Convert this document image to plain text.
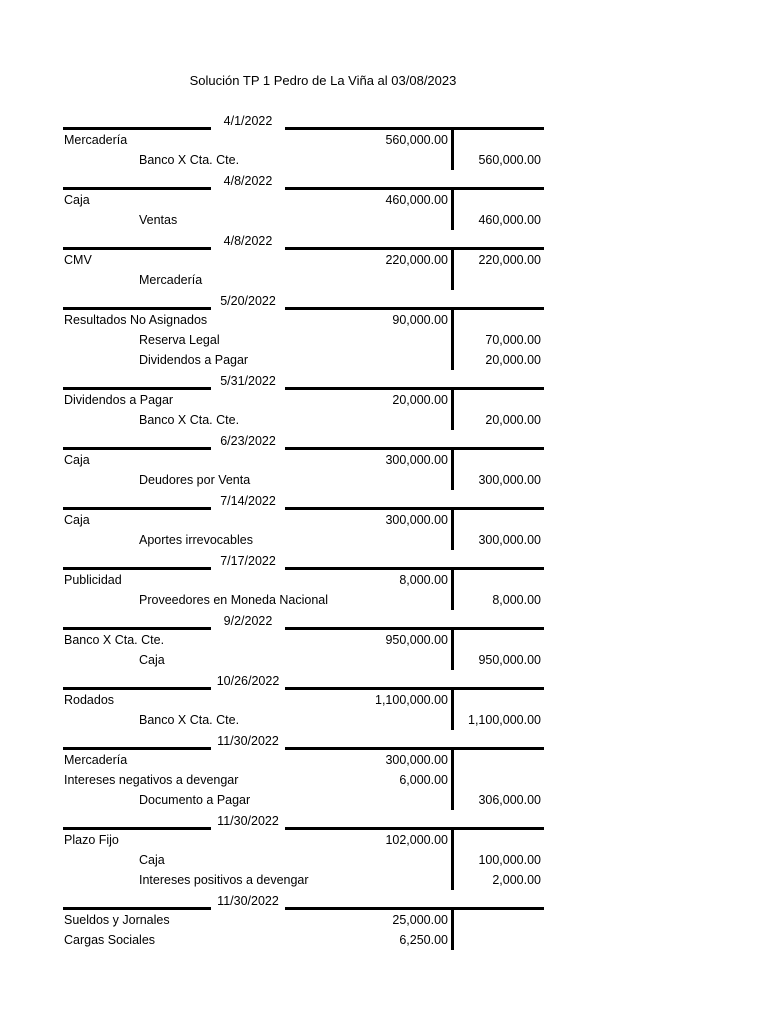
Solución TP 1 Pedro de La Viña al 03/08/2023
4/1/2022
Mercadería	560,000.00
Banco X Cta. Cte.	560,000.00
4/8/2022
Caja	460,000.00
Ventas	460,000.00
4/8/2022
CMV	220,000.00 220,000.00
Mercadería
5/20/2022
Resultados No Asignados	90,000.00
Reserva Legal	70,000.00
Dividendos a Pagar	20,000.00
5/31/2022
Dividendos a Pagar	20,000.00
Banco X Cta. Cte.	20,000.00
6/23/2022
Caja	300,000.00
Deudores por Venta	300,000.00
7/14/2022
Caja	300,000.00
Aportes irrevocables	300,000.00
7/17/2022
Publicidad	8,000.00
Proveedores en Moneda Nacional	8,000.00
9/2/2022
Banco X Cta. Cte.	950,000.00
Caja	950,000.00
10/26/2022
Rodados	1,100,000.00
Banco X Cta. Cte.	1,100,000.00
11/30/2022
Mercadería	300,000.00
Intereses negativos a devengar	6,000.00
Documento a Pagar	306,000.00
11/30/2022
Plazo Fijo	102,000.00
Caja	100,000.00
Intereses positivos a devengar	2,000.00
11/30/2022
Sueldos y Jornales	25,000.00
Cargas Sociales	6,250.00
